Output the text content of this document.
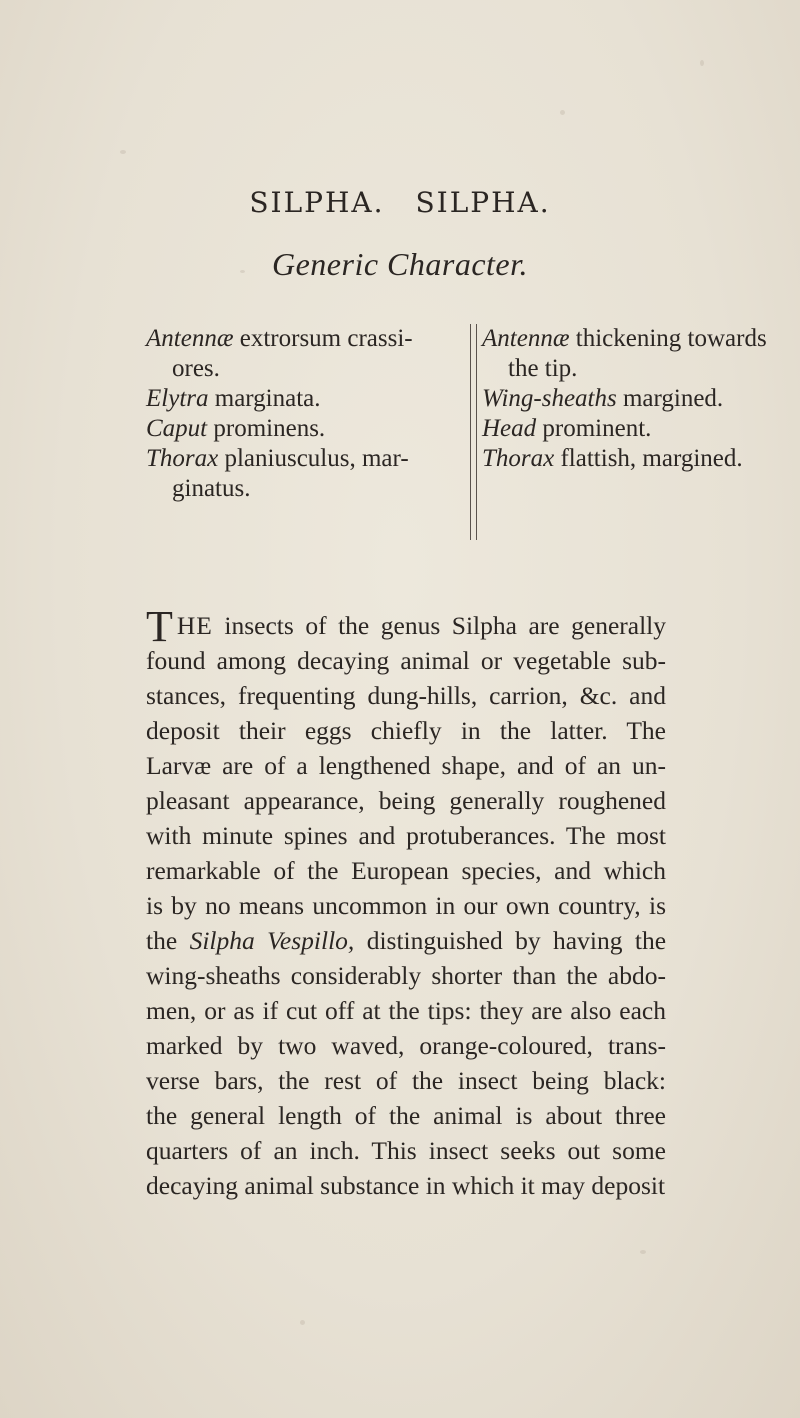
SILPHA. SILPHA.
Generic Character.
Antennæ extrorsum crassi-
ores.
Elytra marginata.
Caput prominens.
Thorax planiusculus, mar-
ginatus.
Antennæ thickening towards
the tip.
Wing-sheaths margined.
Head prominent.
Thorax flattish, margined.
THE insects of the genus Silpha are generally
found among decaying animal or vegetable sub-
stances, frequenting dung-hills, carrion, &c. and
deposit their eggs chiefly in the latter. The
Larvæ are of a lengthened shape, and of an un-
pleasant appearance, being generally roughened
with minute spines and protuberances. The most
remarkable of the European species, and which
is by no means uncommon in our own country, is
the Silpha Vespillo, distinguished by having the
wing-sheaths considerably shorter than the abdo-
men, or as if cut off at the tips: they are also each
marked by two waved, orange-coloured, trans-
verse bars, the rest of the insect being black:
the general length of the animal is about three
quarters of an inch. This insect seeks out some
decaying animal substance in which it may deposit
